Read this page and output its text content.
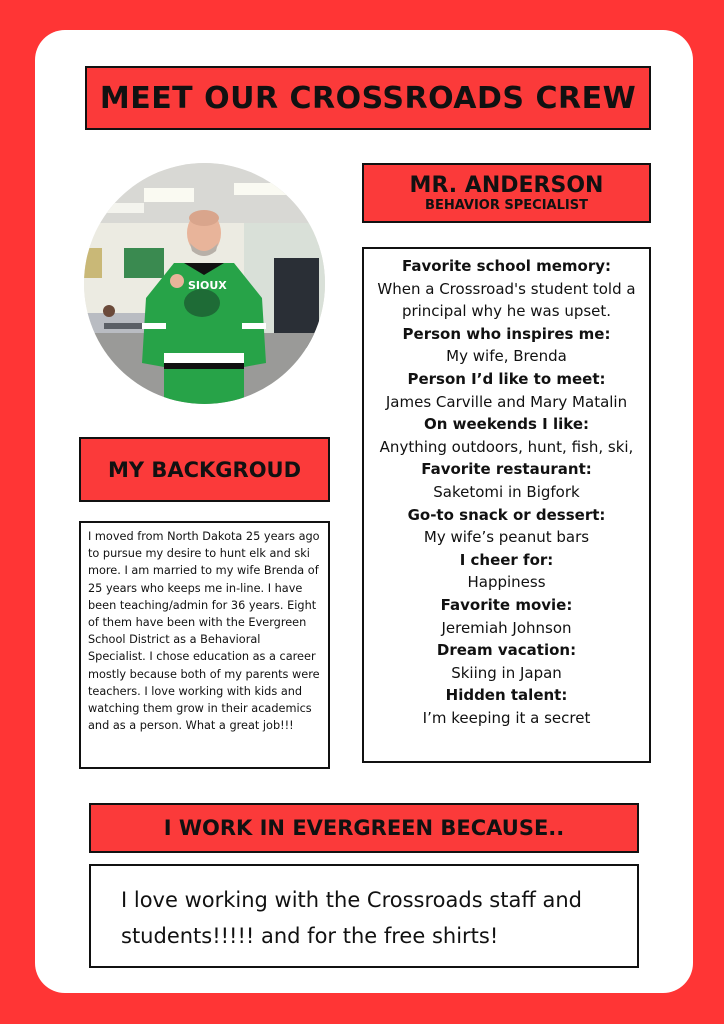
MEET OUR CROSSROADS CREW
SIOUX
MR. ANDERSON
BEHAVIOR SPECIALIST
Favorite school memory:
When a Crossroad's student told a principal why he was upset.
Person who inspires me:
My wife, Brenda
Person I’d like to meet:
James Carville and Mary Matalin
On weekends I like:
Anything outdoors, hunt, fish, ski,
Favorite restaurant:
Saketomi in Bigfork
Go-to snack or dessert:
My wife’s peanut bars
I cheer for:
Happiness
Favorite movie:
Jeremiah Johnson
Dream vacation:
Skiing in Japan
Hidden talent:
I’m keeping it a secret
MY BACKGROUD
I moved from North Dakota 25 years ago to pursue my desire to hunt elk and ski more. I am married to my wife Brenda of 25 years who keeps me in-line. I have been teaching/admin for 36 years. Eight of them have been with the Evergreen School District as a Behavioral Specialist. I chose education as a career mostly because both of my parents were teachers. I love working with kids and watching them grow in their academics and as a person. What a great job!!!
I WORK IN EVERGREEN BECAUSE..
I love working with the Crossroads staff and students!!!!! and for the free shirts!
